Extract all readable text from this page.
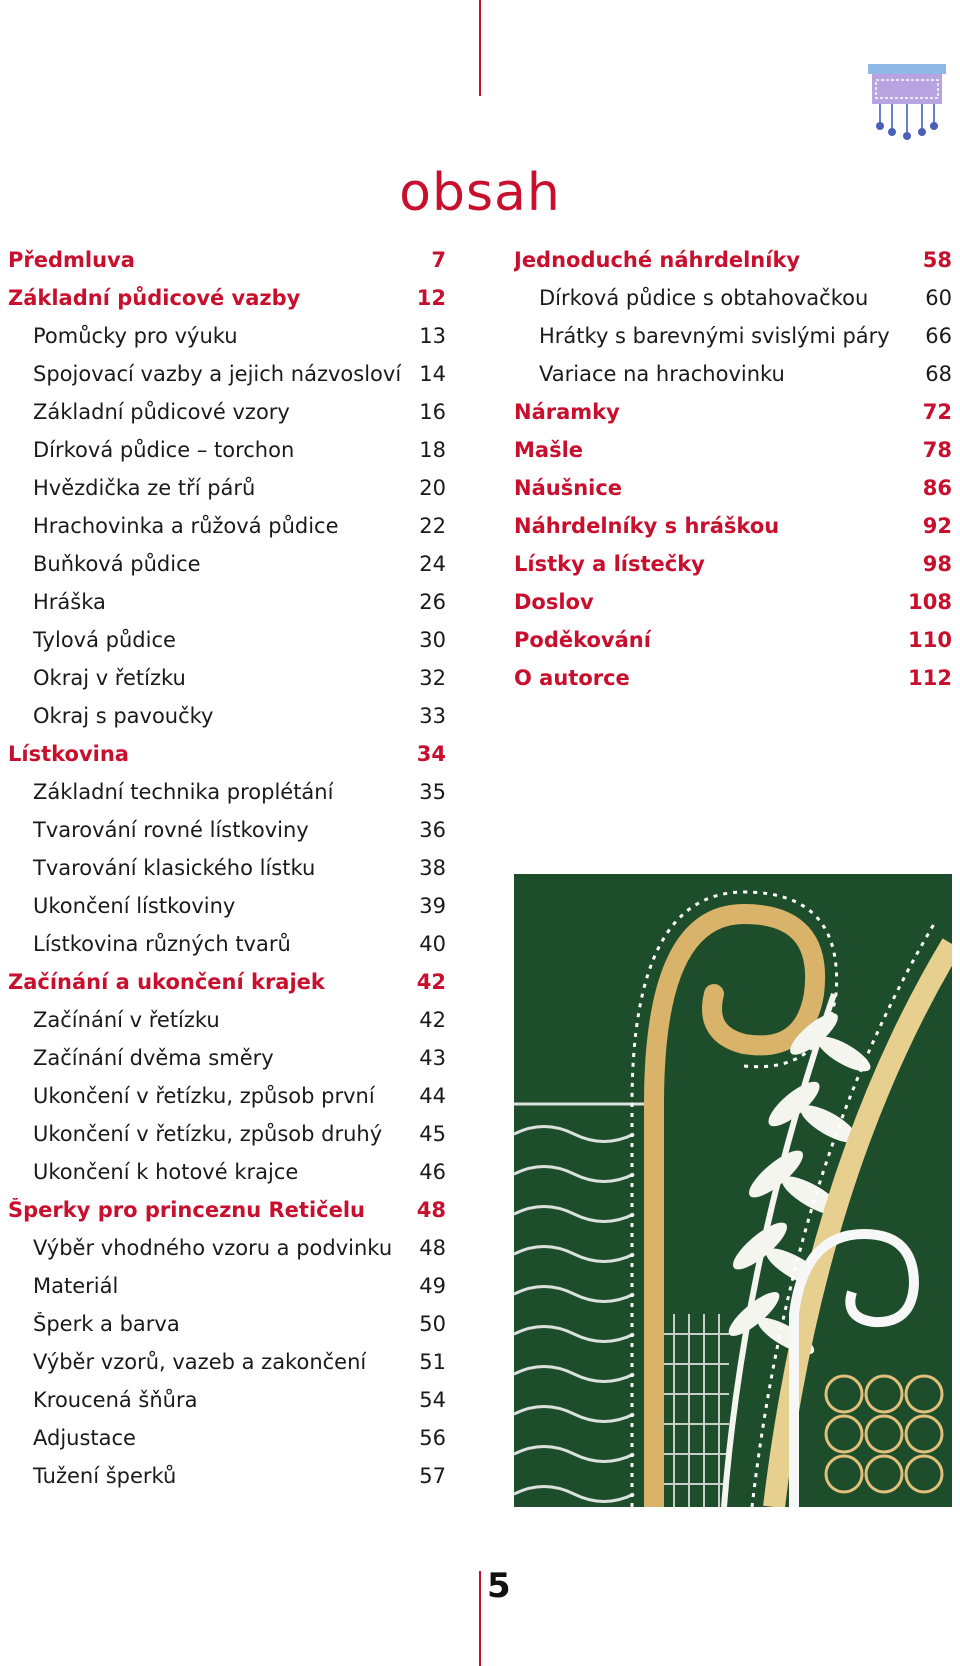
obsah
Předmluva	7
Základní půdicové vazby	12
Pomůcky pro výuku	13
Spojovací vazby a jejich názvosloví 14
Základní půdicové vzory	16
Dírková půdice – torchon	18
Hvězdička ze tří párů	20
Hrachovinka a růžová půdice	22
Buňková půdice	24
Hráška	26
Tylová půdice	30
Okraj v řetízku	32
Okraj s pavoučky	33
Lístkovina	34
Základní technika proplétání	35
Tvarování rovné lístkoviny	36
Tvarování klasického lístku	38
Ukončení lístkoviny	39
Lístkovina různých tvarů	40
Začínání a ukončení krajek	42
Začínání v řetízku	42
Začínání dvěma směry	43
Ukončení v řetízku, způsob první 44
Ukončení v řetízku, způsob druhý 45
Ukončení k hotové krajce	46
Šperky pro princeznu Retičelu 48
Výběr vhodného vzoru a podvinku 48
Materiál	49
Šperk a barva	50
Výběr vzorů, vazeb a zakončení	51
Kroucená šňůra	54
Adjustace	56
Tužení šperků	57
Jednoduché náhrdelníky	58
Dírková půdice s obtahovačkou	60
Hrátky s barevnými svislými páry 66
Variace na hrachovinku	68
Náramky	72
Mašle	78
Náušnice	86
Náhrdelníky s hráškou	92
Lístky a lístečky	98
Doslov	108
Poděkování	110
O autorce	112
5
